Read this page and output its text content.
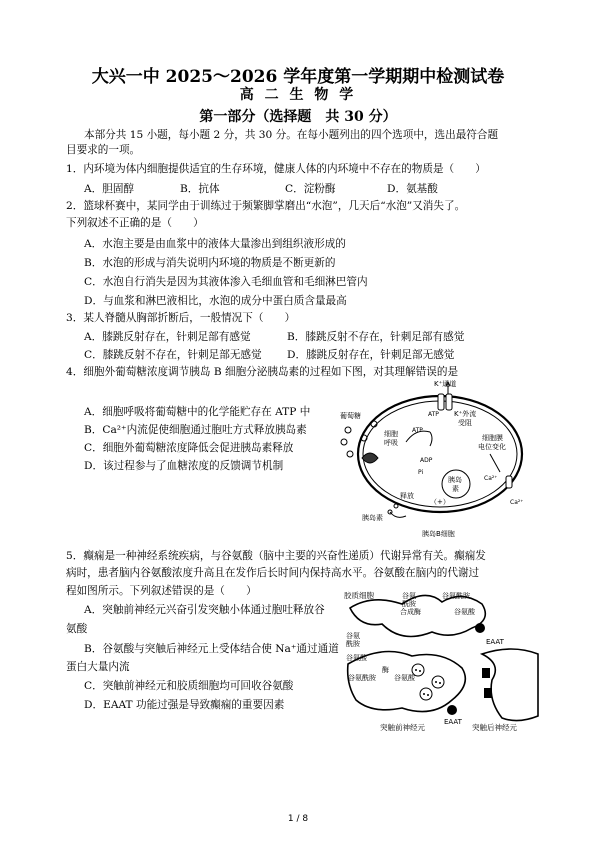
大兴一中 2025～2026 学年度第一学期期中检测试卷
高 二 生 物 学
第一部分（选择题　共 30 分）
本部分共 15 小题，每小题 2 分，共 30 分。在每小题列出的四个选项中，选出最符合题
目要求的一项。
1．内环境为体内细胞提供适宜的生存环境，健康人体的内环境中不存在的物质是（　　）
A．胆固醇	B．抗体	C．淀粉酶	D．氨基酸
2．篮球杯赛中，某同学由于训练过于频繁脚掌磨出“水泡”，几天后“水泡”又消失了。
下列叙述不正确的是（　　）
A．水泡主要是由血浆中的液体大量渗出到组织液形成的
B．水泡的形成与消失说明内环境的物质是不断更新的
C．水泡自行消失是因为其液体渗入毛细血管和毛细淋巴管内
D．与血浆和淋巴液相比，水泡的成分中蛋白质含量最高
3．某人脊髓从胸部折断后，一般情况下（　　）
A．膝跳反射存在，针刺足部有感觉	B．膝跳反射不存在，针刺足部有感觉
C．膝跳反射不存在，针刺足部无感觉 D．膝跳反射存在，针刺足部无感觉
4．细胞外葡萄糖浓度调节胰岛 B 细胞分泌胰岛素的过程如下图，对其理解错误的是
A．细胞呼吸将葡萄糖中的化学能贮存在 ATP 中
B．Ca²⁺内流促使细胞通过胞吐方式释放胰岛素
C．细胞外葡萄糖浓度降低会促进胰岛素释放
D．该过程参与了血糖浓度的反馈调节机制
K⁺通道
ATP K⁺外流
受阻
葡萄糖
细胞
呼吸
ATP
ADP
Pi
细胞膜
电位变化
胰岛
素
Ca²⁺
Ca²⁺
释放
（+）
胰岛素
胰岛B细胞
5．癫痫是一种神经系统疾病，与谷氨酸（脑中主要的兴奋性递质）代谢异常有关。癫痫发
病时，患者脑内谷氨酸浓度升高且在发作后长时间内保持高水平。谷氨酸在脑内的代谢过
程如图所示。下列叙述错误的是（　　）
A．突触前神经元兴奋引发突触小体通过胞吐释放谷
氨酸
B．谷氨酸与突触后神经元上受体结合使 Na⁺通过通道
蛋白大量内流
C．突触前神经元和胶质细胞均可回收谷氨酸
D．EAAT 功能过强是导致癫痫的重要因素
胶质细胞	谷氨
酰胺
合成酶
谷氨酰胺
谷氨酸
EAAT
谷氨
酰胺
谷氨酸
谷氨酰胺
酶
谷氨酸
EAAT
突触前神经元	突触后神经元
1 / 8
